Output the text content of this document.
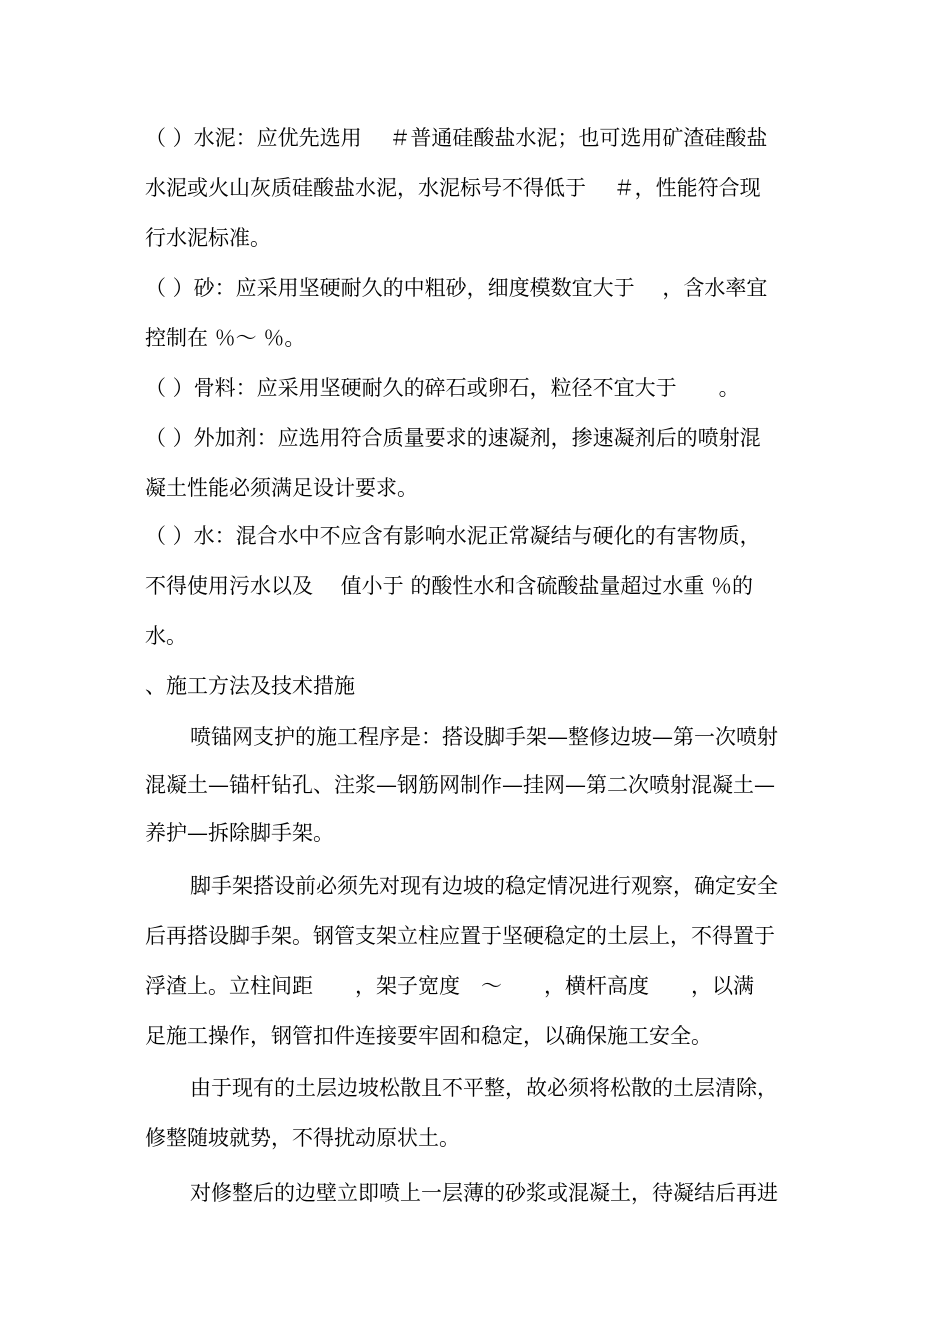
（ ）水泥：应优先选用　 ＃普通硅酸盐水泥；也可选用矿渣硅酸盐
水泥或火山灰质硅酸盐水泥，水泥标号不得低于　 ＃，性能符合现
行水泥标准。
（ ）砂：应采用坚硬耐久的中粗砂，细度模数宜大于　 ，含水率宜
控制在 ％～ ％。
（ ）骨料：应采用坚硬耐久的碎石或卵石，粒径不宜大于　　。
（ ）外加剂：应选用符合质量要求的速凝剂，掺速凝剂后的喷射混
凝土性能必须满足设计要求。
（ ）水：混合水中不应含有影响水泥正常凝结与硬化的有害物质，
不得使用污水以及　 值小于 的酸性水和含硫酸盐量超过水重 ％的
水。
、施工方法及技术措施
喷锚网支护的施工程序是：搭设脚手架—整修边坡—第一次喷射
混凝土—锚杆钻孔、注浆—钢筋网制作—挂网—第二次喷射混凝土—
养护—拆除脚手架。
脚手架搭设前必须先对现有边坡的稳定情况进行观察，确定安全
后再搭设脚手架。钢管支架立柱应置于坚硬稳定的土层上，不得置于
浮渣上。立柱间距　　，架子宽度　～　　，横杆高度　　，以满
足施工操作，钢管扣件连接要牢固和稳定，以确保施工安全。
由于现有的土层边坡松散且不平整，故必须将松散的土层清除，
修整随坡就势，不得扰动原状土。
对修整后的边壁立即喷上一层薄的砂浆或混凝土，待凝结后再进
